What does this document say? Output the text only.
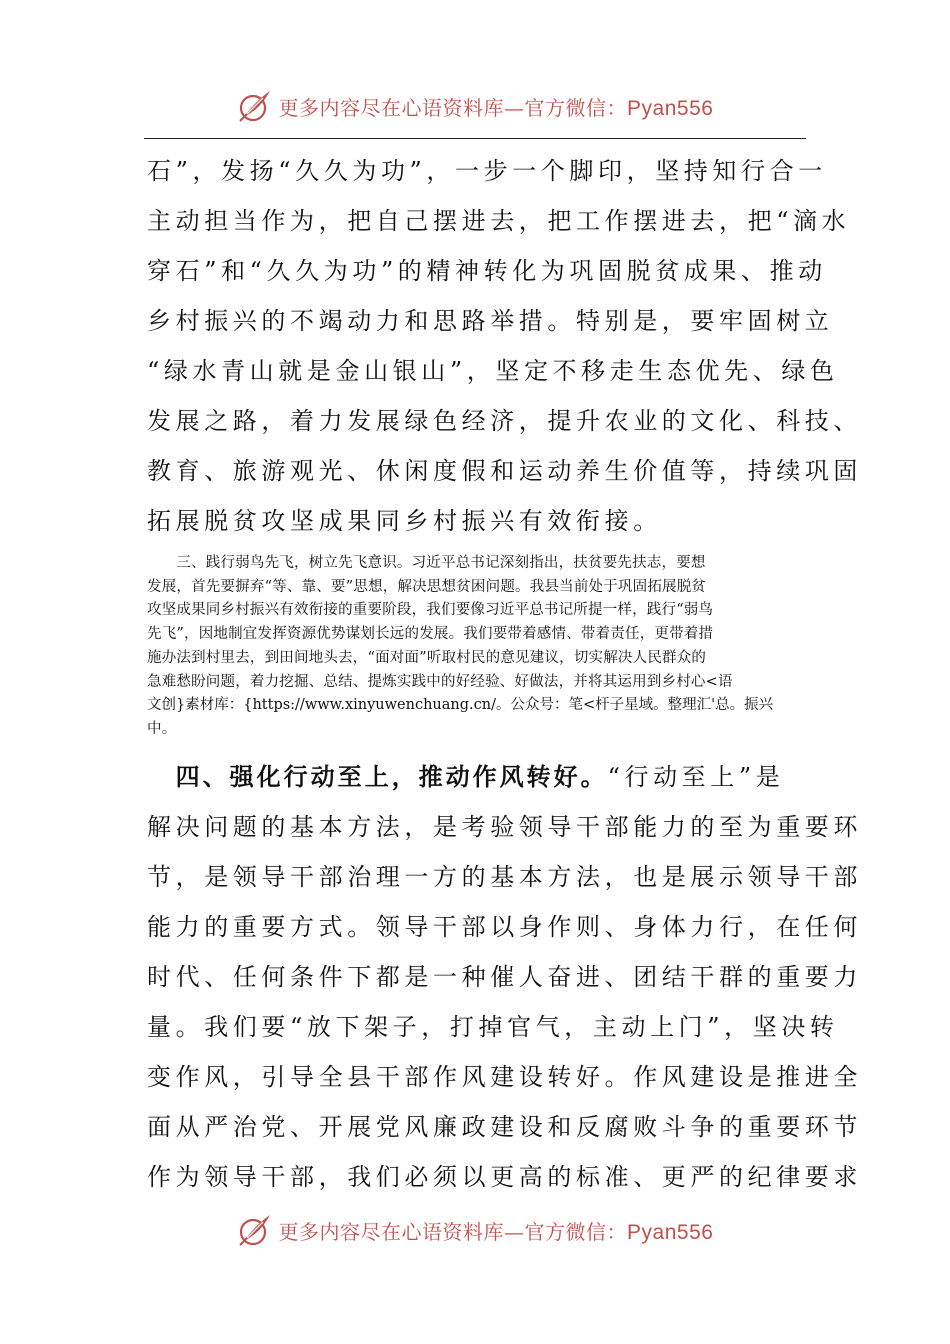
更多内容尽在心语资料库—官方微信：Pyan556

石”，发扬“久久为功”，一步一个脚印，坚持知行合一

主动担当作为，把自己摆进去，把工作摆进去，把“滴水

穿石”和“久久为功”的精神转化为巩固脱贫成果、推动

乡村振兴的不竭动力和思路举措。特别是，要牢固树立

“绿水青山就是金山银山”，坚定不移走生态优先、绿色

发展之路，着力发展绿色经济，提升农业的文化、科技、

教育、旅游观光、休闲度假和运动养生价值等，持续巩固

拓展脱贫攻坚成果同乡村振兴有效衔接。

　　三、践行弱鸟先飞，树立先飞意识。习近平总书记深刻指出，扶贫要先扶志，要想

发展，首先要摒弃“等、靠、要”思想，解决思想贫困问题。我县当前处于巩固拓展脱贫

攻坚成果同乡村振兴有效衔接的重要阶段，我们要像习近平总书记所提一样，践行“弱鸟

先飞”，因地制宜发挥资源优势谋划长远的发展。我们要带着感情、带着责任，更带着措

施办法到村里去，到田间地头去，“面对面”听取村民的意见建议，切实解决人民群众的

急难愁盼问题，着力挖掘、总结、提炼实践中的好经验、好做法，并将其运用到乡村心<语

文创}素材库：{https://www.xinyuwenchuang.cn/。公众号：笔<杆子星域。整理汇'总。振兴

中。

　四、强化行动至上，推动作风转好。“行动至上”是

解决问题的基本方法，是考验领导干部能力的至为重要环

节，是领导干部治理一方的基本方法，也是展示领导干部

能力的重要方式。领导干部以身作则、身体力行，在任何

时代、任何条件下都是一种催人奋进、团结干群的重要力

量。我们要“放下架子，打掉官气，主动上门”，坚决转

变作风，引导全县干部作风建设转好。作风建设是推进全

面从严治党、开展党风廉政建设和反腐败斗争的重要环节

作为领导干部，我们必须以更高的标准、更严的纪律要求

更多内容尽在心语资料库—官方微信：Pyan556
